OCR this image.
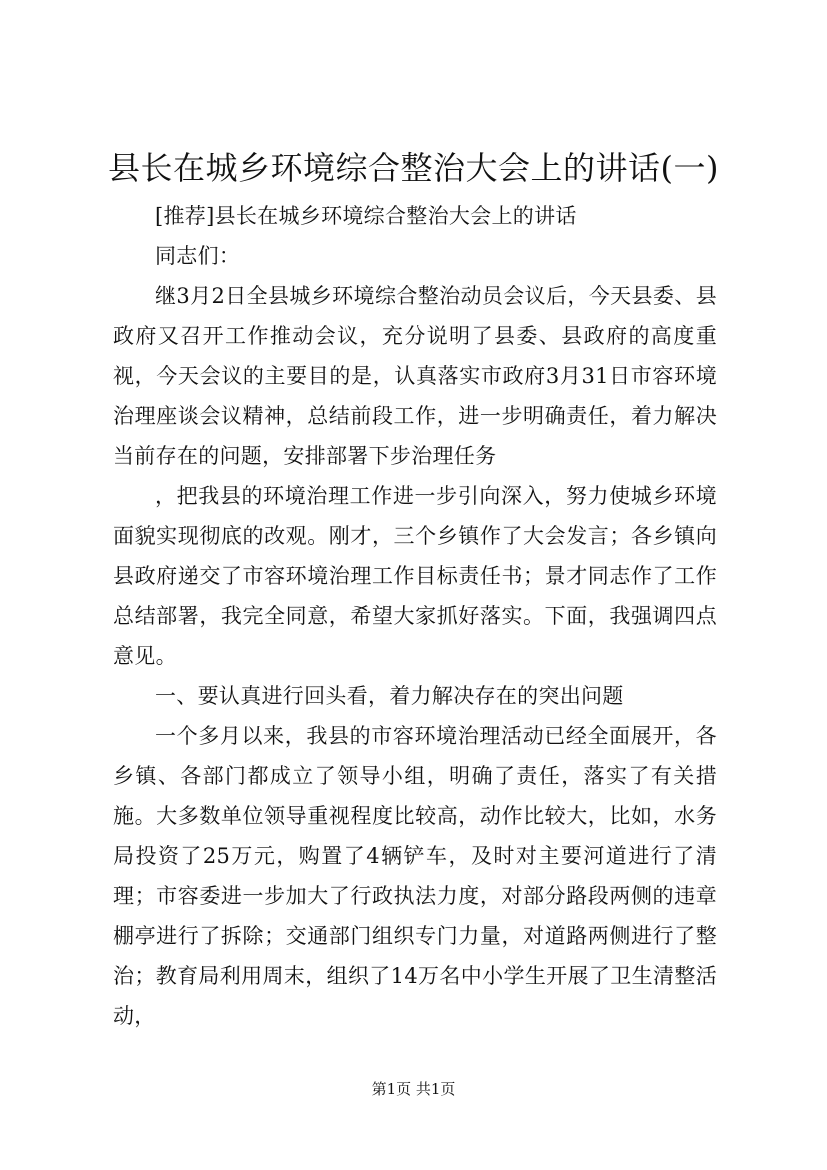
县长在城乡环境综合整治大会上的讲话(一)

[推荐]县长在城乡环境综合整治大会上的讲话

同志们：

继3月2日全县城乡环境综合整治动员会议后，今天县委、县政府又召开工作推动会议，充分说明了县委、县政府的高度重视，今天会议的主要目的是，认真落实市政府3月31日市容环境治理座谈会议精神，总结前段工作，进一步明确责任，着力解决当前存在的问题，安排部署下步治理任务

，把我县的环境治理工作进一步引向深入，努力使城乡环境面貌实现彻底的改观。刚才，三个乡镇作了大会发言；各乡镇向县政府递交了市容环境治理工作目标责任书；景才同志作了工作总结部署，我完全同意，希望大家抓好落实。下面，我强调四点意见。

一、要认真进行回头看，着力解决存在的突出问题

一个多月以来，我县的市容环境治理活动已经全面展开，各乡镇、各部门都成立了领导小组，明确了责任，落实了有关措施。大多数单位领导重视程度比较高，动作比较大，比如，水务局投资了25万元，购置了4辆铲车，及时对主要河道进行了清理；市容委进一步加大了行政执法力度，对部分路段两侧的违章棚亭进行了拆除；交通部门组织专门力量，对道路两侧进行了整治；教育局利用周末，组织了14万名中小学生开展了卫生清整活动，

第1页 共1页
